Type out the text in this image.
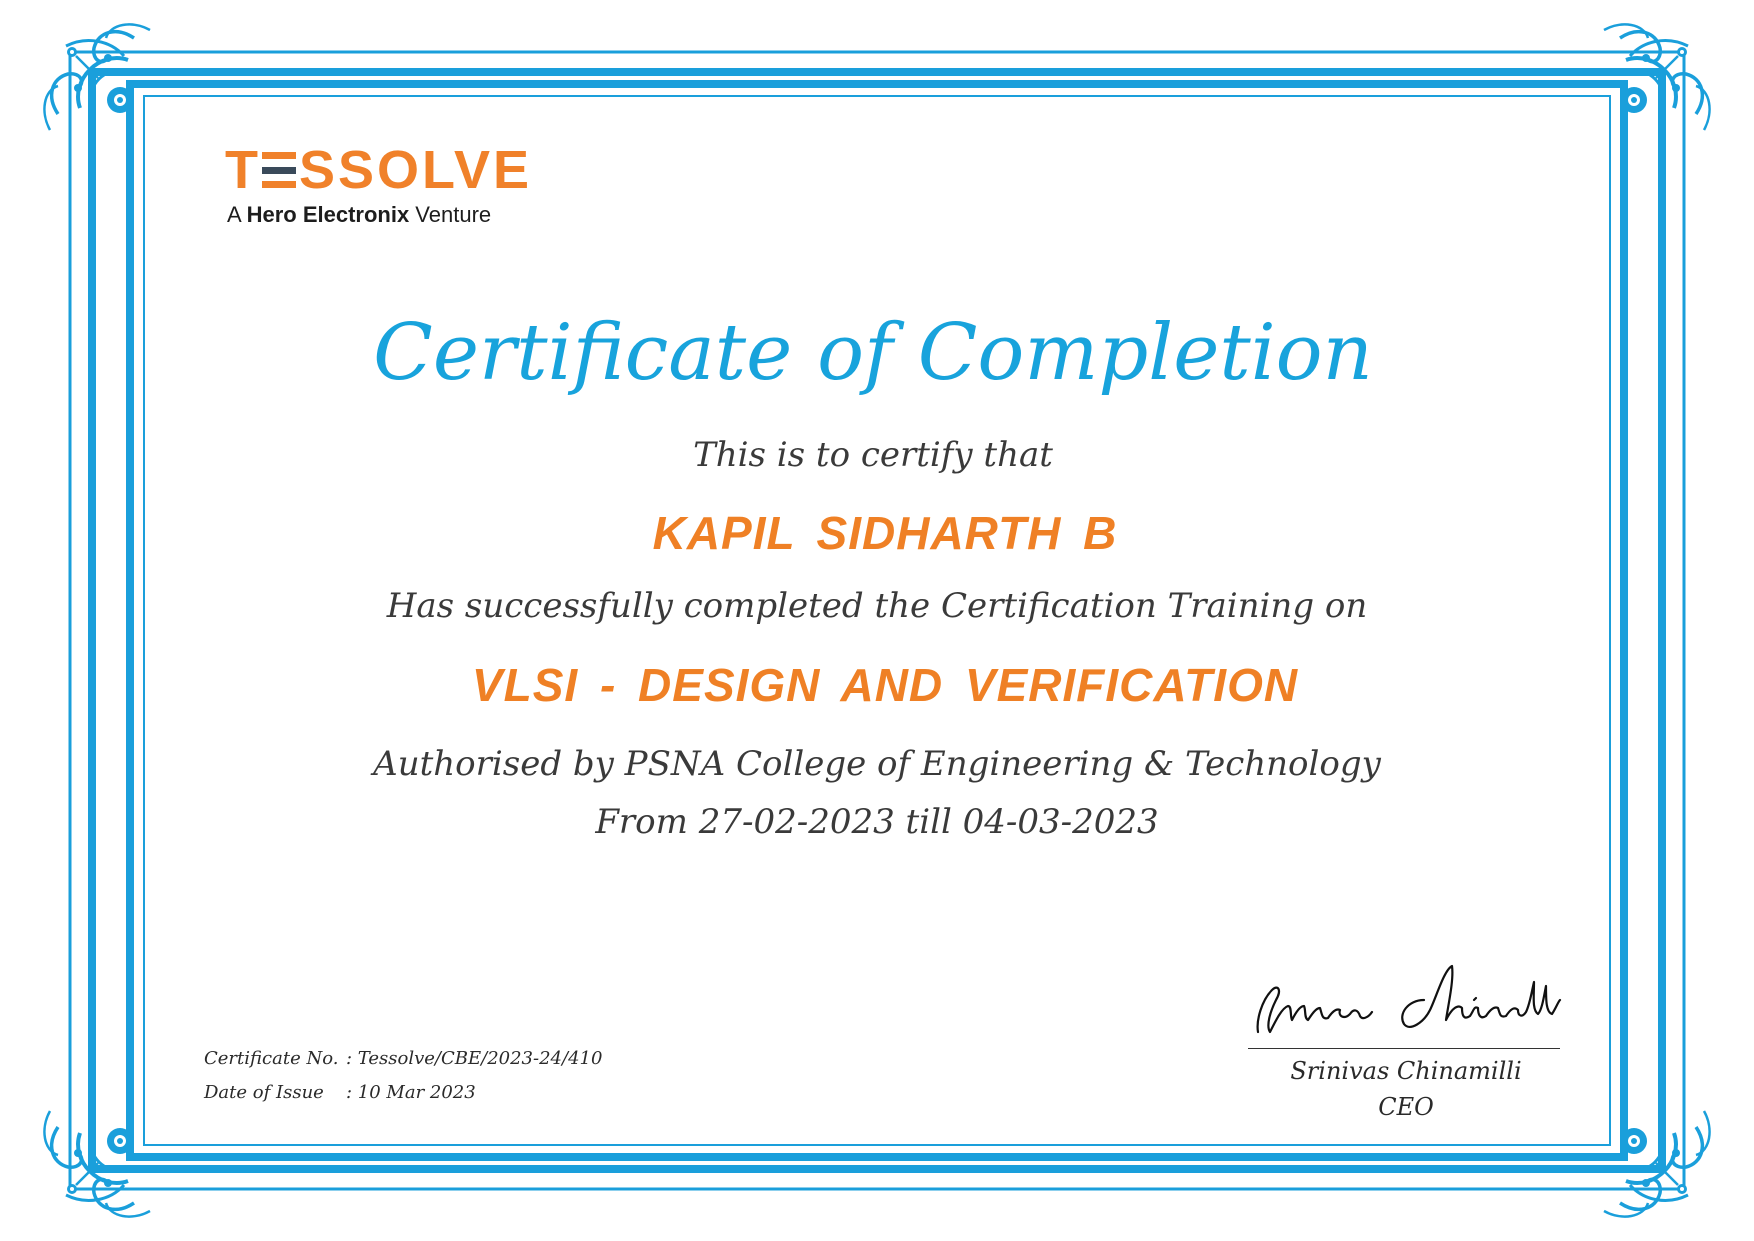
T SSOLVE
A Hero Electronix Venture
Certificate of Completion
This is to certify that
KAPIL SIDHARTH B
Has successfully completed the Certification Training on
VLSI - DESIGN AND VERIFICATION
Authorised by PSNA College of Engineering & Technology
From 27-02-2023 till 04-03-2023
Certificate No. : Tessolve/CBE/2023-24/410
Date of Issue : 10 Mar 2023
Srinivas Chinamilli
CEO
